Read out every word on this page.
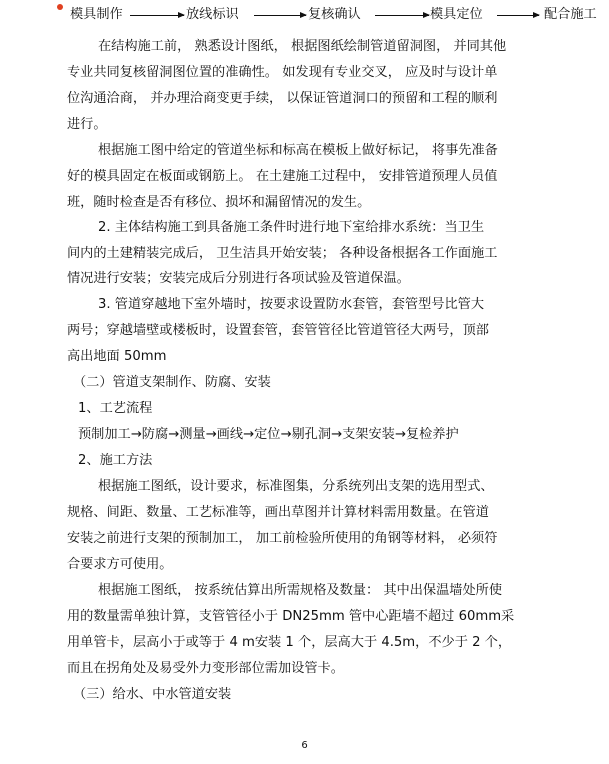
模具制作	放线标识	复核确认	模具定位	配合施工
在结构施工前， 熟悉设计图纸， 根据图纸绘制管道留洞图， 并同其他
专业共同复核留洞图位置的准确性。 如发现有专业交叉， 应及时与设计单
位沟通洽商， 并办理洽商变更手续， 以保证管道洞口的预留和工程的顺利
进行。
根据施工图中给定的管道坐标和标高在模板上做好标记， 将事先准备
好的模具固定在板面或钢筋上。 在土建施工过程中， 安排管道预理人员值
班，随时检查是否有移位、损坏和漏留情况的发生。
2. 主体结构施工到具备施工条件时进行地下室给排水系统：当卫生
间内的土建精装完成后， 卫生洁具开始安装； 各种设备根据各工作面施工
情况进行安装；安装完成后分别进行各项试验及管道保温。
3. 管道穿越地下室外墙时，按要求设置防水套管，套管型号比管大
两号；穿越墙壁或楼板时，设置套管，套管管径比管道管径大两号，顶部
高出地面 50mm
（二）管道支架制作、防腐、安装
1、工艺流程
预制加工→防腐→测量→画线→定位→剔孔洞→支架安装→复检养护
2、施工方法
根据施工图纸，设计要求，标准图集，分系统列出支架的选用型式、
规格、间距、数量、工艺标准等，画出草图并计算材料需用数量。在管道
安装之前进行支架的预制加工， 加工前检验所使用的角钢等材料， 必须符
合要求方可使用。
根据施工图纸， 按系统估算出所需规格及数量： 其中出保温墙处所使
用的数量需单独计算，支管管径小于 DN25mm 管中心距墙不超过 60mm采
用单管卡，层高小于或等于 4 m安装 1 个，层高大于 4.5m，不少于 2 个，
而且在拐角处及易受外力变形部位需加设管卡。
（三）给水、中水管道安装
6
